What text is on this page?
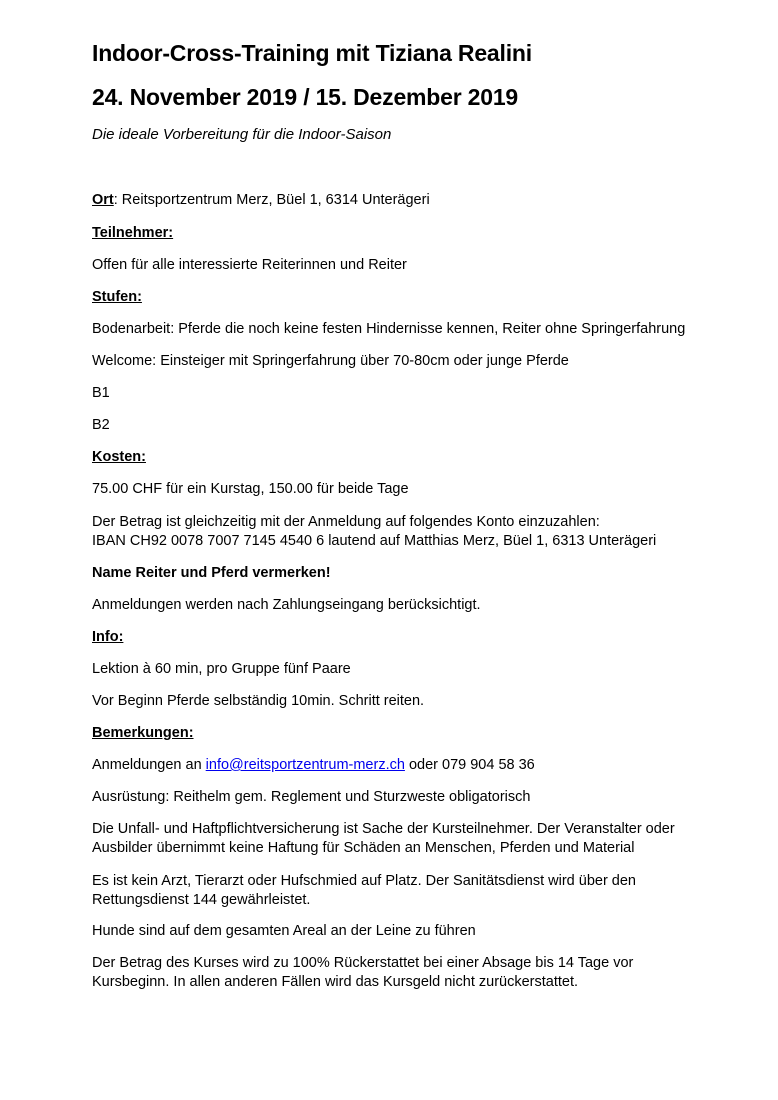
Indoor-Cross-Training mit Tiziana Realini
24. November 2019 / 15. Dezember 2019
Die ideale Vorbereitung für die Indoor-Saison
Ort: Reitsportzentrum Merz, Büel 1, 6314 Unterägeri
Teilnehmer:
Offen für alle interessierte Reiterinnen und Reiter
Stufen:
Bodenarbeit: Pferde die noch keine festen Hindernisse kennen, Reiter ohne Springerfahrung
Welcome: Einsteiger mit Springerfahrung über 70-80cm oder junge Pferde
B1
B2
Kosten:
75.00 CHF für ein Kurstag, 150.00 für beide Tage
Der Betrag ist gleichzeitig mit der Anmeldung auf folgendes Konto einzuzahlen:
IBAN CH92 0078 7007 7145 4540 6 lautend auf Matthias Merz, Büel 1, 6313 Unterägeri
Name Reiter und Pferd vermerken!
Anmeldungen werden nach Zahlungseingang berücksichtigt.
Info:
Lektion à 60 min, pro Gruppe fünf Paare
Vor Beginn Pferde selbständig 10min. Schritt reiten.
Bemerkungen:
Anmeldungen an info@reitsportzentrum-merz.ch oder 079 904 58 36
Ausrüstung: Reithelm gem. Reglement und Sturzweste obligatorisch
Die Unfall- und Haftpflichtversicherung ist Sache der Kursteilnehmer. Der Veranstalter oder
Ausbilder übernimmt keine Haftung für Schäden an Menschen, Pferden und Material
Es ist kein Arzt, Tierarzt oder Hufschmied auf Platz. Der Sanitätsdienst wird über den
Rettungsdienst 144 gewährleistet.
Hunde sind auf dem gesamten Areal an der Leine zu führen
Der Betrag des Kurses wird zu 100% Rückerstattet bei einer Absage bis 14 Tage vor
Kursbeginn. In allen anderen Fällen wird das Kursgeld nicht zurückerstattet.
